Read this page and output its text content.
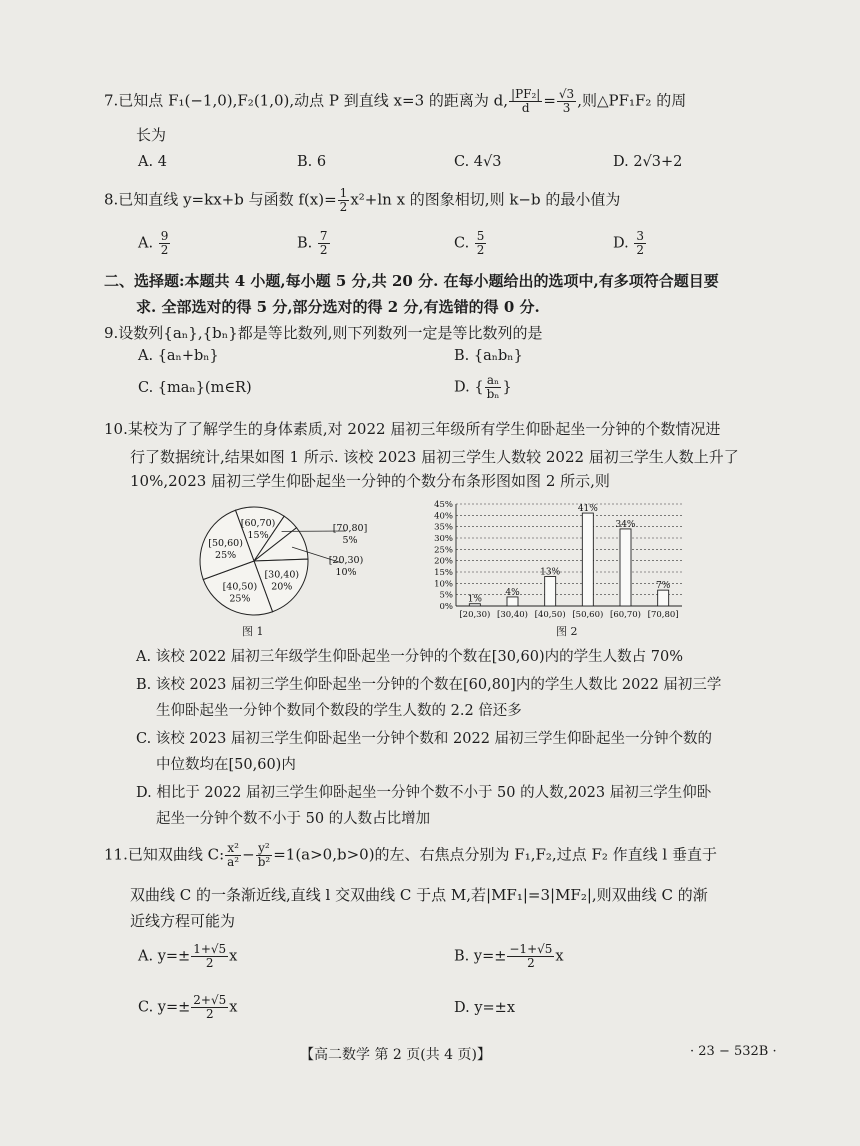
7.已知点 F₁(−1,0),F₂(1,0),动点 P 到直线 x=3 的距离为 d, $\frac{\text{|PF₂|}}{d} = \frac{√3}{3}$ ,则△PF₁F₂ 的周
长为
A. 4	B. 6	C. 4√3	D. 2√3+2
8.已知直线 y=kx+b 与函数 $f(x)= \frac{1}{2} x^2+\ln$ x 的图象相切,则 k−b 的最小值为
A. $\frac{9}{2}$	B. $\frac{7}{2}$	C. $\frac{5}{2}$	D. $\frac{3}{2}$
二、选择题:本题共 4 小题,每小题 5 分,共 20 分. 在每小题给出的选项中,有多项符合题目要
求. 全部选对的得 5 分,部分选对的得 2 分,有选错的得 0 分.
9.设数列{aₙ},{bₙ}都是等比数列,则下列数列一定是等比数列的是
A. {aₙ+bₙ}	B. {aₙbₙ}
C. {maₙ}(m∈R)	D. { $\frac{\text{aₙ}}{\text{bₙ}}$ }
10.某校为了了解学生的身体素质,对 2022 届初三年级所有学生仰卧起坐一分钟的个数情况进
行了数据统计,结果如图 1 所示. 该校 2023 届初三学生人数较 2022 届初三学生人数上升了
10%,2023 届初三学生仰卧起坐一分钟的个数分布条形图如图 2 所示,则
[60,70)
15%
[70,80]
5%
[20,30)
10%
[30,40)
20%
[40,50)
25%
[50,60)
25%
图 1
0%
5%
10%
15%
20%
25%
30%
35%
40%
45%
1%
[20,30)
4%
[30,40)
13%
[40,50)
41%
[50,60)
34%
[60,70)
7%
[70,80]
图 2
A. 该校 2022 届初三年级学生仰卧起坐一分钟的个数在[30,60)内的学生人数占 70%
B. 该校 2023 届初三学生仰卧起坐一分钟的个数在[60,80]内的学生人数比 2022 届初三学
生仰卧起坐一分钟个数同个数段的学生人数的 2.2 倍还多
C. 该校 2023 届初三学生仰卧起坐一分钟个数和 2022 届初三学生仰卧起坐一分钟个数的
中位数均在[50,60)内
D. 相比于 2022 届初三学生仰卧起坐一分钟个数不小于 50 的人数,2023 届初三学生仰卧
起坐一分钟个数不小于 50 的人数占比增加
11.已知双曲线 C: $\frac{\text{x²}}{\text{a²}} - \frac{\text{y²}}{\text{b²}} =1(a>0,b>0)$的左、右焦点分别为 F₁,F₂,过点 F₂ 作直线 l 垂直于
双曲线 C 的一条渐近线,直线 l 交双曲线 C 于点 M,若|MF₁|=3|MF₂|,则双曲线 C 的渐
近线方程可能为
A. $y=\pm \frac{1+√5}{2}$ x	B. $y=\pm \frac{-1+√5}{2}$ x
C. $y=\pm \frac{2+√5}{2}$ x	D. y=±x
【高二数学 第 2 页(共 4 页)】	· 23 − 532B ·
